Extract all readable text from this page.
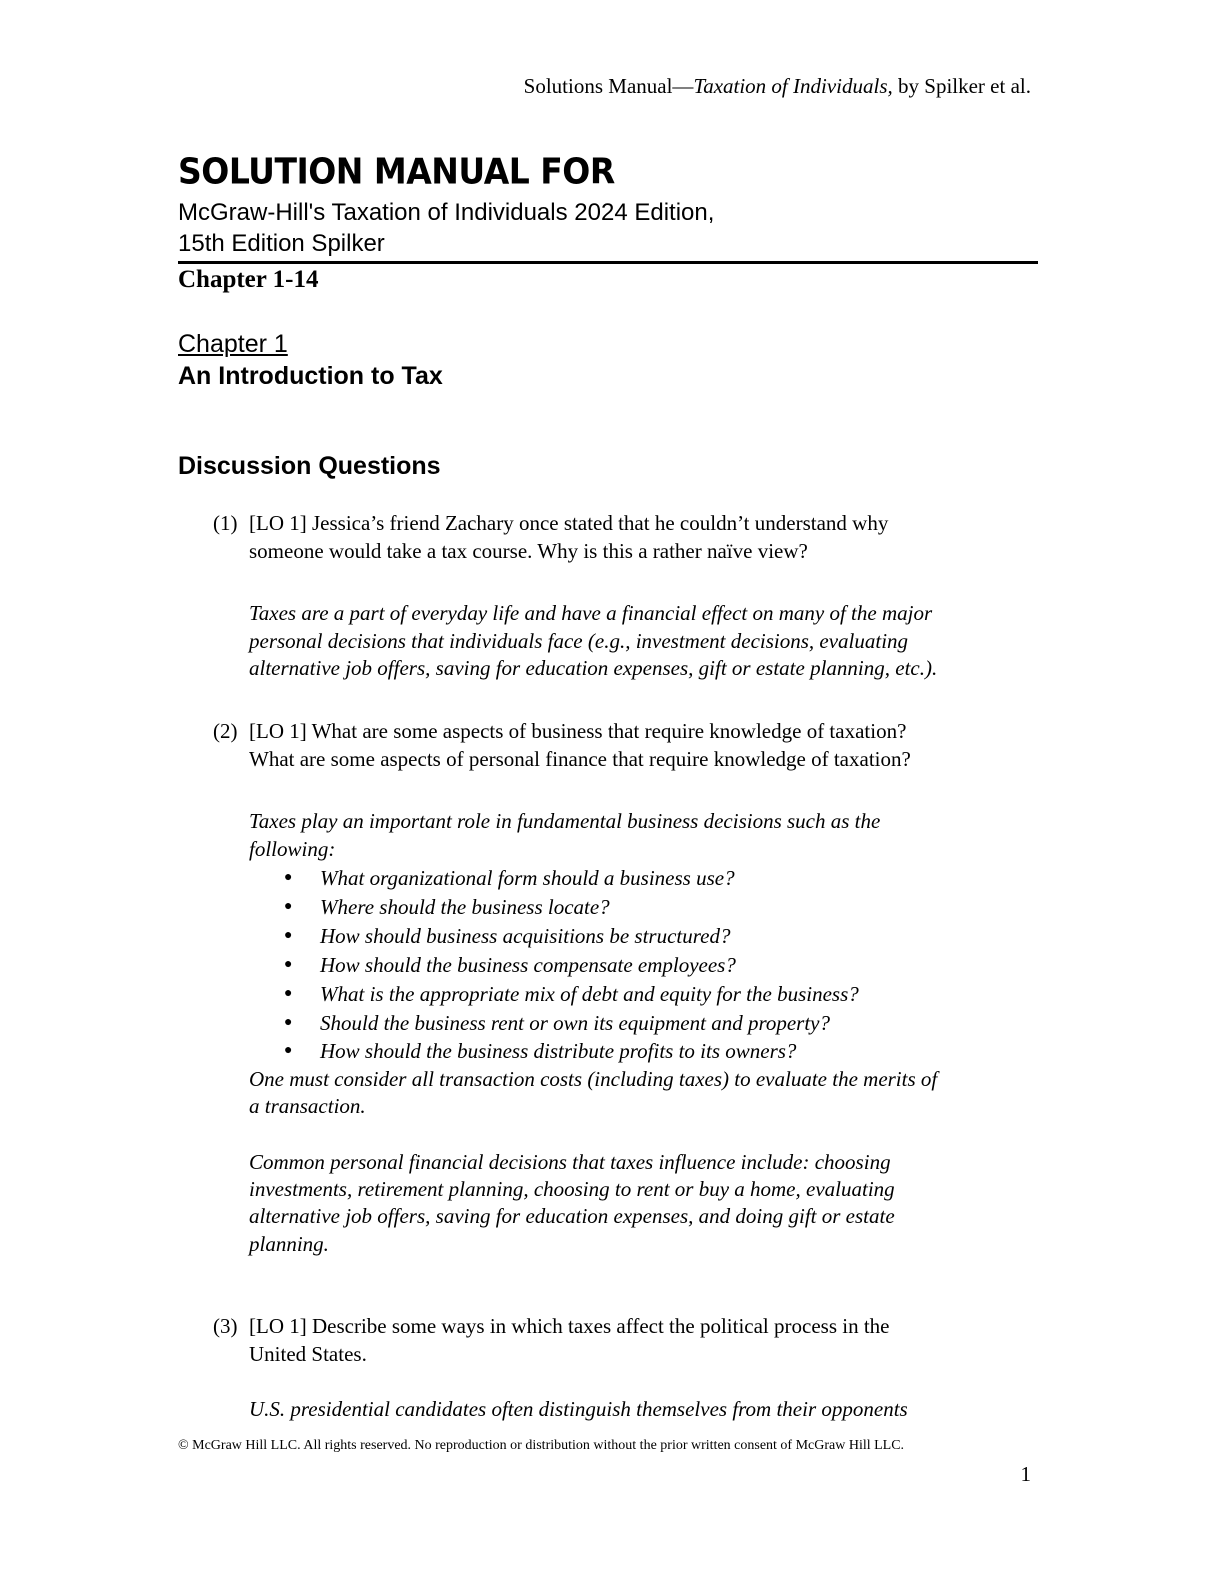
Solutions Manual—Taxation of Individuals, by Spilker et al.

SOLUTION MANUAL FOR

McGraw-Hill's Taxation of Individuals 2024 Edition,

15th Edition Spilker

Chapter 1-14

Chapter 1

An Introduction to Tax
Discussion Questions
(1) [LO 1] Jessica’s friend Zachary once stated that he couldn’t understand why

someone would take a tax course. Why is this a rather naïve view?

Taxes are a part of everyday life and have a financial effect on many of the major

personal decisions that individuals face (e.g., investment decisions, evaluating

alternative job offers, saving for education expenses, gift or estate planning, etc.).

(2) [LO 1] What are some aspects of business that require knowledge of taxation?

What are some aspects of personal finance that require knowledge of taxation?

Taxes play an important role in fundamental business decisions such as the

following:

● What organizational form should a business use?

● Where should the business locate?

● How should business acquisitions be structured?

● How should the business compensate employees?

● What is the appropriate mix of debt and equity for the business?

● Should the business rent or own its equipment and property?

● How should the business distribute profits to its owners?

One must consider all transaction costs (including taxes) to evaluate the merits of

a transaction.

Common personal financial decisions that taxes influence include: choosing

investments, retirement planning, choosing to rent or buy a home, evaluating

alternative job offers, saving for education expenses, and doing gift or estate

planning.

(3) [LO 1] Describe some ways in which taxes affect the political process in the

United States.

U.S. presidential candidates often distinguish themselves from their opponents

© McGraw Hill LLC. All rights reserved. No reproduction or distribution without the prior written consent of McGraw Hill LLC.

1
